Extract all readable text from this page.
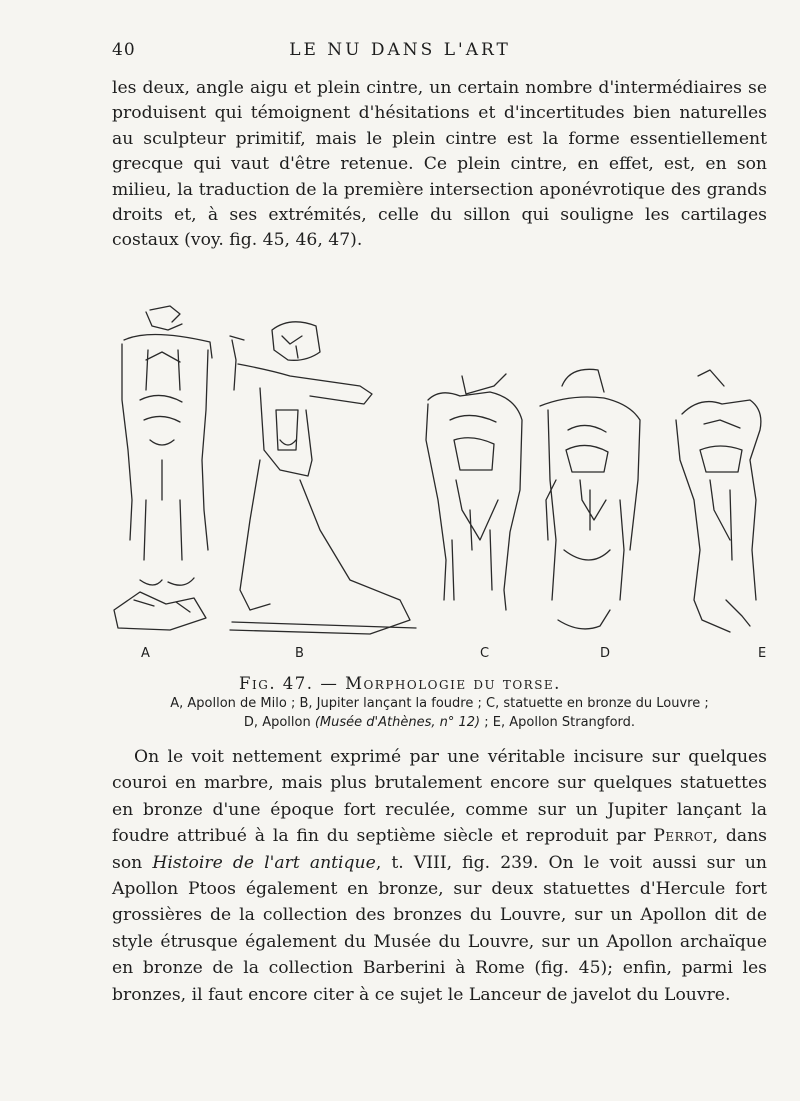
40	LE NU DANS L'ART

les deux, angle aigu et plein cintre, un certain nombre d'intermédiaires se produisent qui témoignent d'hésitations et d'incertitudes bien naturelles au sculpteur primitif, mais le plein cintre est la forme essentiellement grecque qui vaut d'être retenue. Ce plein cintre, en effet, est, en son milieu, la traduction de la première intersection aponévrotique des grands droits et, à ses extrémités, celle du sillon qui souligne les cartilages costaux (voy. fig. 45, 46, 47).

A	B	C	D	E
Fig. 47. — Morphologie du torse.
A, Apollon de Milo ; B, Jupiter lançant la foudre ; C, statuette en bronze du Louvre ;
D, Apollon (Musée d'Athènes, n° 12) ; E, Apollon Strangford.

On le voit nettement exprimé par une véritable incisure sur quelques couroi en marbre, mais plus brutalement encore sur quelques statuettes en bronze d'une époque fort reculée, comme sur un Jupiter lançant la foudre attribué à la fin du septième siècle et reproduit par Perrot, dans son Histoire de l'art antique, t. VIII, fig. 239. On le voit aussi sur un Apollon Ptoos également en bronze, sur deux statuettes d'Hercule fort grossières de la collection des bronzes du Louvre, sur un Apollon dit de style étrusque également du Musée du Louvre, sur un Apollon archaïque en bronze de la collection Barberini à Rome (fig. 45); enfin, parmi les bronzes, il faut encore citer à ce sujet le Lanceur de javelot du Louvre.
